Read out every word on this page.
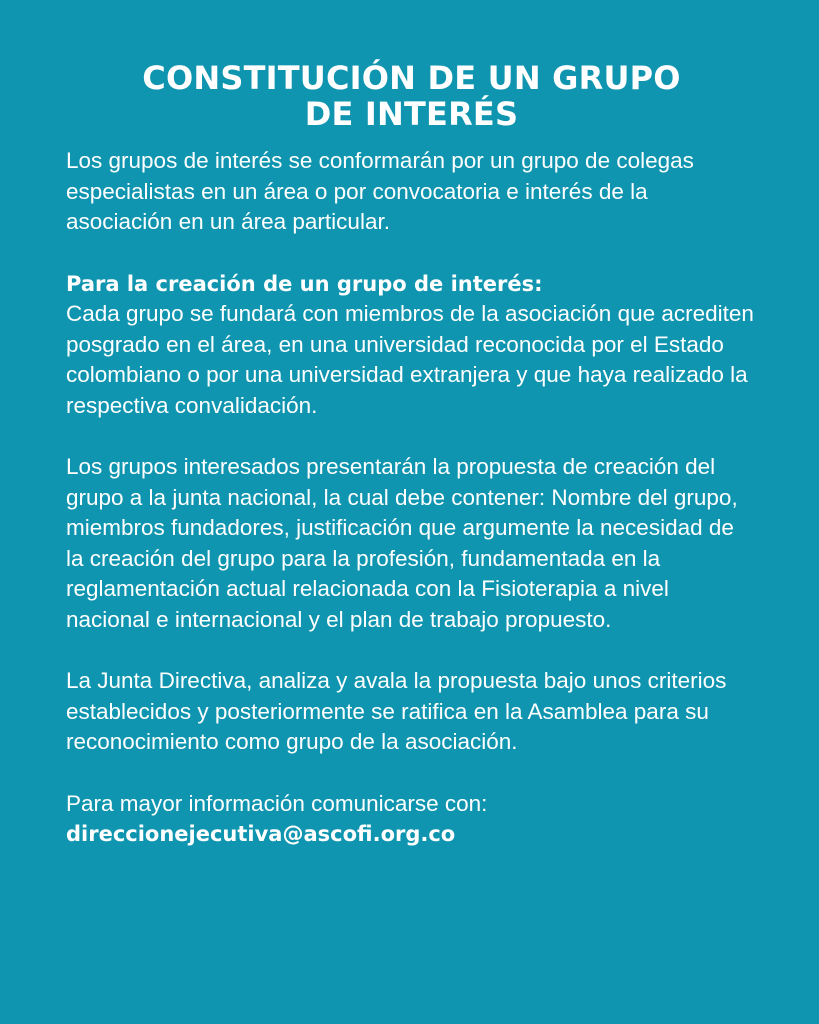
CONSTITUCIÓN DE UN GRUPO
DE INTERÉS

Los grupos de interés se conformarán por un grupo de colegas especialistas en un área o por convocatoria e interés de la asociación en un área particular.

Para la creación de un grupo de interés:

Cada grupo se fundará con miembros de la asociación que acrediten posgrado en el área, en una universidad reconocida por el Estado colombiano o por una universidad extranjera y que haya realizado la respectiva convalidación.

Los grupos interesados presentarán la propuesta de creación del grupo a la junta nacional, la cual debe contener: Nombre del grupo, miembros fundadores, justificación que argumente la necesidad de la creación del grupo para la profesión, fundamentada en la reglamentación actual relacionada con la Fisioterapia a nivel nacional e internacional y el plan de trabajo propuesto.

La Junta Directiva, analiza y avala la propuesta bajo unos criterios establecidos y posteriormente se ratifica en la Asamblea para su reconocimiento como grupo de la asociación.

Para mayor información comunicarse con:

direccionejecutiva@ascofi.org.co
